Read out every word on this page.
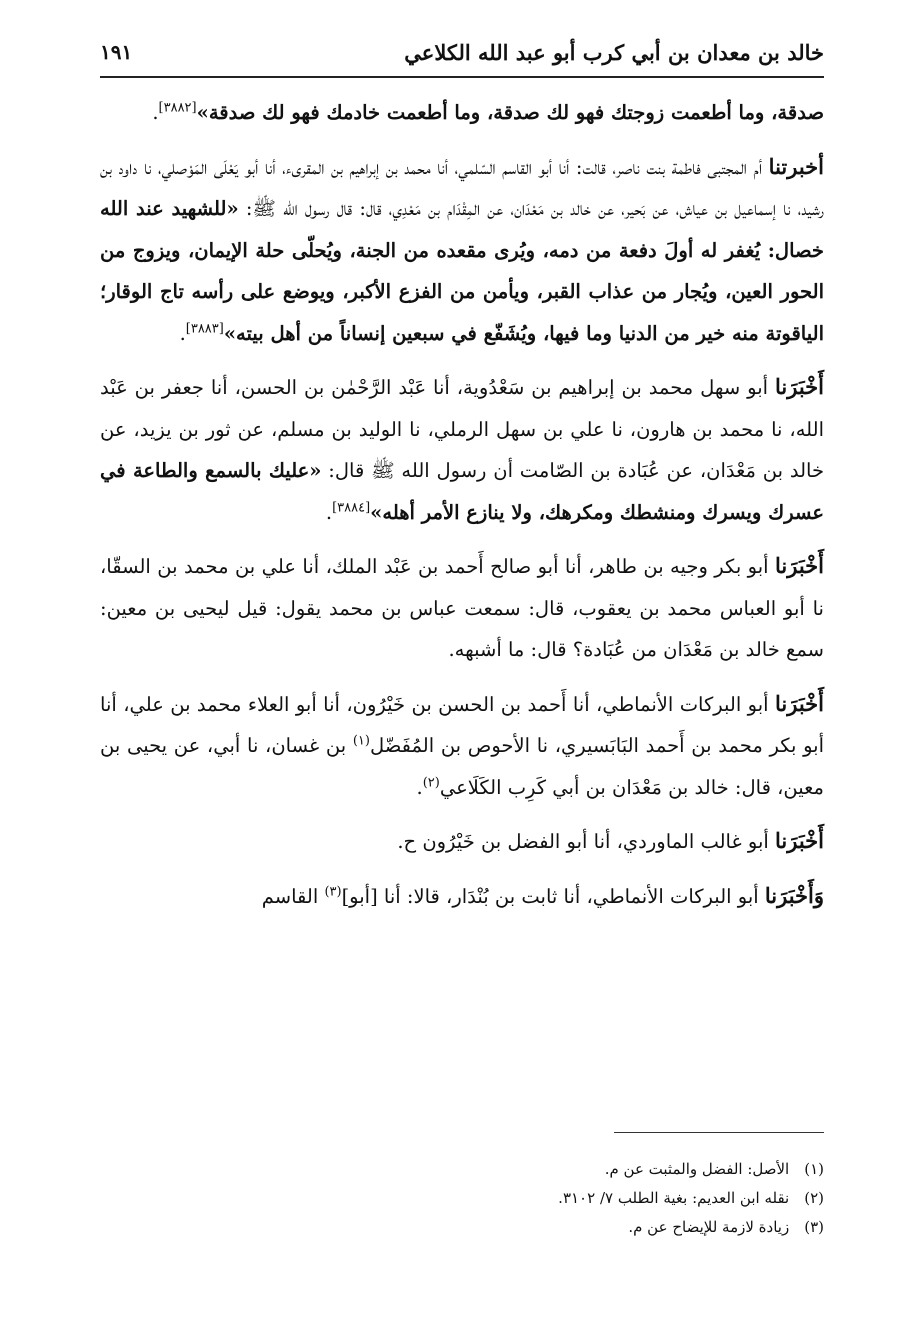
خالد بن معدان بن أبي كرب أبو عبد الله الكلاعي
١٩١

صدقة، وما أطعمت زوجتك فهو لك صدقة، وما أطعمت خادمك فهو لك صدقة»[٣٨٨٢].

أخبرتنا أم المجتبى فاطمة بنت ناصر، قالت: أنا أبو القاسم السّلمي، أنا محمد بن إبراهيم بن المقرىء، أنا أبو يَعْلَى المَوْصلي، نا داود بن رشيد، نا إسماعيل بن عياش، عن بَحير، عن خالد بن مَعْدَان، عن المِقْدَام بن مَعْدِي، قال: قال رسول الله ﷺ: «للشهيد عند الله خصال: يُغفر له أولَ دفعة من دمه، ويُرى مقعده من الجنة، ويُحلّى حلة الإيمان، ويزوج من الحور العين، ويُجار من عذاب القبر، ويأمن من الفزع الأكبر، ويوضع على رأسه تاج الوقار؛ الياقوتة منه خير من الدنيا وما فيها، ويُشَفّع في سبعين إنساناً من أهل بيته»[٣٨٨٣].

أَخْبَرَنا أبو سهل محمد بن إبراهيم بن سَعْدُوية، أنا عَبْد الرَّحْمٰن بن الحسن، أنا جعفر بن عَبْد الله، نا محمد بن هارون، نا علي بن سهل الرملي، نا الوليد بن مسلم، عن ثور بن يزيد، عن خالد بن مَعْدَان، عن عُبَادة بن الصّامت أن رسول الله ﷺ قال: «عليك بالسمع والطاعة في عسرك ويسرك ومنشطك ومكرهك، ولا ينازع الأمر أهله»[٣٨٨٤].

أَخْبَرَنا أبو بكر وجيه بن طاهر، أنا أبو صالح أَحمد بن عَبْد الملك، أنا علي بن محمد بن السقّا، نا أبو العباس محمد بن يعقوب، قال: سمعت عباس بن محمد يقول: قيل ليحيى بن معين: سمع خالد بن مَعْدَان من عُبَادة؟ قال: ما أشبهه.

أَخْبَرَنا أبو البركات الأنماطي، أنا أَحمد بن الحسن بن خَيْرُون، أنا أبو العلاء محمد بن علي، أنا أبو بكر محمد بن أَحمد البَابَسيري، نا الأحوص بن المُفَضّل$^{(١)}$ بن غسان، نا أبي، عن يحيى بن معين، قال: خالد بن مَعْدَان بن أبي كَرِب الكَلَاعي$^{(٢)}$.

أَخْبَرَنا أبو غالب الماوردي، أنا أبو الفضل بن خَيْرُون ح.

وَأَخْبَرَنا أبو البركات الأنماطي، أنا ثابت بن بُنْدَار، قالا: أنا [أبو]$^{(٣)}$ القاسم

(١) الأصل: الفضل والمثبت عن م.

(٢) نقله ابن العديم: بغية الطلب ٧/ ٣١٠٢.

(٣) زيادة لازمة للإيضاح عن م.
